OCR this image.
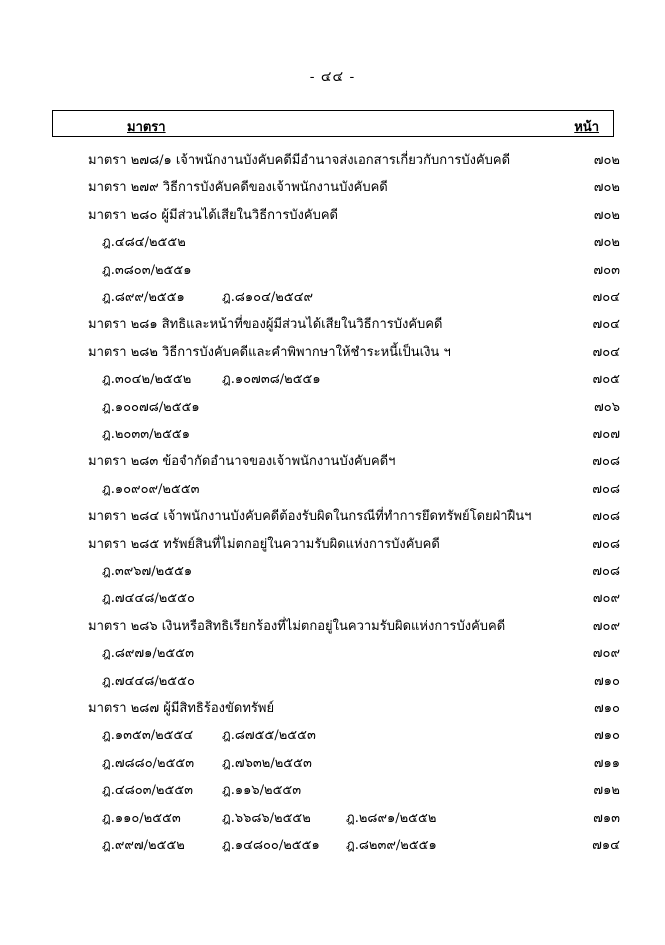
- ๔๔ -
มาตรา	หน้า
มาตรา ๒๗๘/๑ เจ้าพนักงานบังคับคดีมีอำนาจส่งเอกสารเกี่ยวกับการบังคับคดี	๗๐๒
มาตรา ๒๗๙ วิธีการบังคับคดีของเจ้าพนักงานบังคับคดี	๗๐๒
มาตรา ๒๘๐ ผู้มีส่วนได้เสียในวิธีการบังคับคดี	๗๐๒
ฎ.๔๘๔/๒๕๕๒	๗๐๒
ฎ.๓๘๐๓/๒๕๕๑	๗๐๓
ฎ.๘๙๙/๒๕๕๑	ฎ.๘๑๐๔/๒๕๔๙	๗๐๔
มาตรา ๒๘๑ สิทธิและหน้าที่ของผู้มีส่วนได้เสียในวิธีการบังคับคดี	๗๐๔
มาตรา ๒๘๒ วิธีการบังคับคดีและคำพิพากษาให้ชำระหนี้เป็นเงิน ฯ	๗๐๔
ฎ.๓๐๔๒/๒๕๕๒ ฎ.๑๐๗๓๘/๒๕๕๑	๗๐๕
ฎ.๑๐๐๗๘/๒๕๕๑	๗๐๖
ฎ.๒๐๓๓/๒๕๕๑	๗๐๗
มาตรา ๒๘๓ ข้อจำกัดอำนาจของเจ้าพนักงานบังคับคดีฯ	๗๐๘
ฎ.๑๐๙๐๙/๒๕๕๓	๗๐๘
มาตรา ๒๘๔ เจ้าพนักงานบังคับคดีต้องรับผิดในกรณีที่ทำการยึดทรัพย์โดยฝ่าฝืนฯ	๗๐๘
มาตรา ๒๘๕ ทรัพย์สินที่ไม่ตกอยู่ในความรับผิดแห่งการบังคับคดี	๗๐๘
ฎ.๓๙๖๗/๒๕๕๑	๗๐๘
ฎ.๗๔๔๘/๒๕๕๐	๗๐๙
มาตรา ๒๘๖ เงินหรือสิทธิเรียกร้องที่ไม่ตกอยู่ในความรับผิดแห่งการบังคับคดี	๗๐๙
ฎ.๘๙๗๑/๒๕๕๓	๗๐๙
ฎ.๗๔๔๘/๒๕๕๐	๗๑๐
มาตรา ๒๘๗ ผู้มีสิทธิร้องขัดทรัพย์	๗๑๐
ฎ.๑๓๕๓/๒๕๕๔ ฎ.๘๗๕๕/๒๕๕๓	๗๑๐
ฎ.๗๘๘๐/๒๕๕๓ ฎ.๗๖๓๒/๒๕๕๓	๗๑๑
ฎ.๔๘๐๓/๒๕๕๓ ฎ.๑๑๖/๒๕๕๓	๗๑๒
ฎ.๑๑๐/๒๕๕๓	ฎ.๖๖๘๖/๒๕๕๒	ฎ.๒๘๙๑/๒๕๕๒	๗๑๓
ฎ.๙๙๗/๒๕๕๒	ฎ.๑๔๘๐๐/๒๕๕๑ ฎ.๘๒๓๙/๒๕๕๑	๗๑๔
